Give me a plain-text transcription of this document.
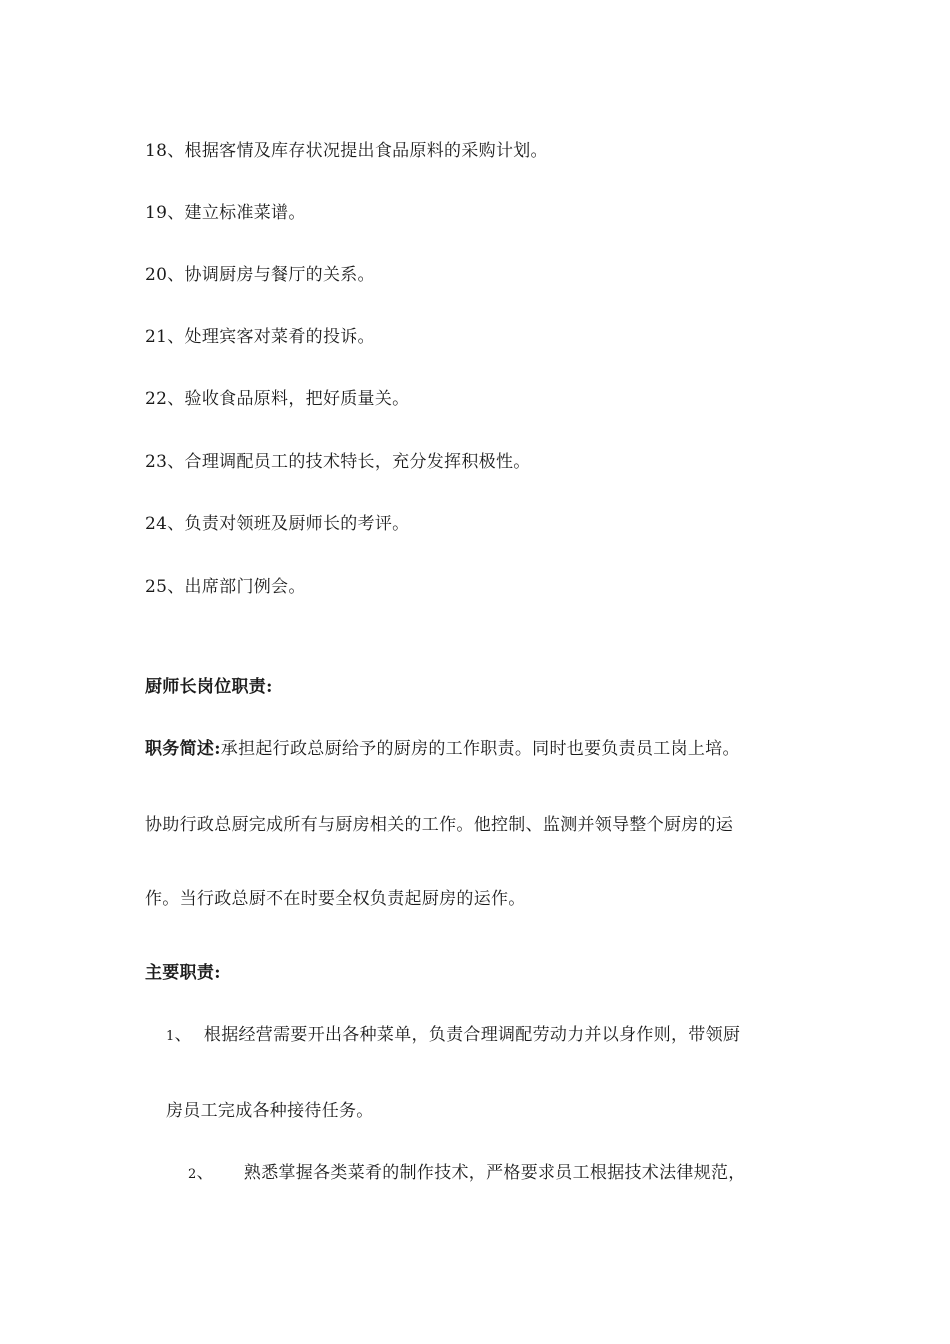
18、根据客情及库存状况提出食品原料的采购计划。
19、建立标准菜谱。
20、协调厨房与餐厅的关系。
21、处理宾客对菜肴的投诉。
22、验收食品原料，把好质量关。
23、合理调配员工的技术特长，充分发挥积极性。
24、负责对领班及厨师长的考评。
25、出席部门例会。
厨师长岗位职责:
职务简述:承担起行政总厨给予的厨房的工作职责。同时也要负责员工岗上培。
协助行政总厨完成所有与厨房相关的工作。他控制、监测并领导整个厨房的运
作。当行政总厨不在时要全权负责起厨房的运作。
主要职责:
1、 根据经营需要开出各种菜单，负责合理调配劳动力并以身作则，带领厨
房员工完成各种接待任务。
2、 熟悉掌握各类菜肴的制作技术，严格要求员工根据技术法律规范，
